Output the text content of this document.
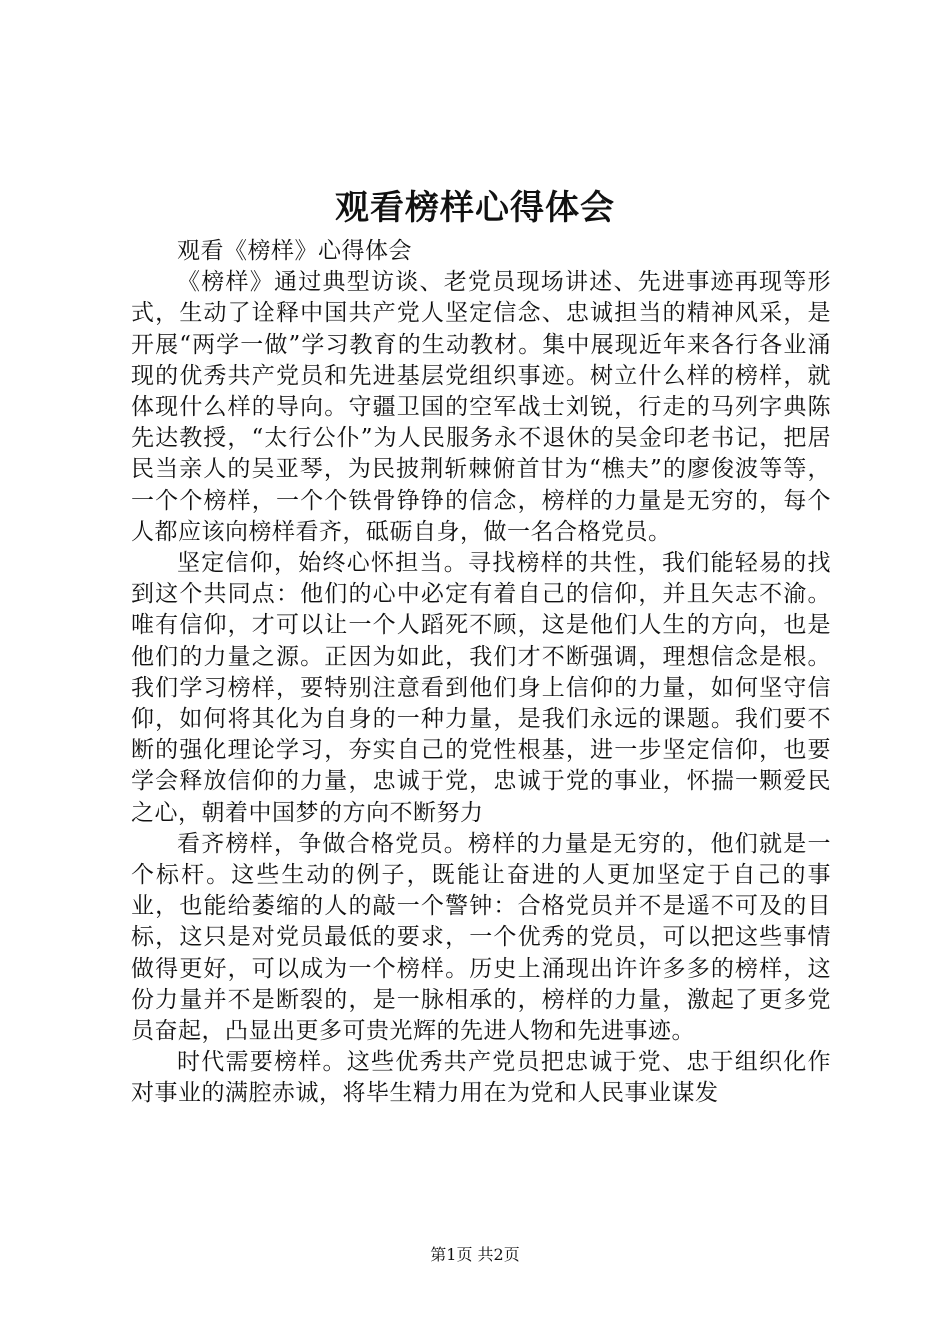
观看榜样心得体会

观看《榜样》心得体会

《榜样》通过典型访谈、老党员现场讲述、先进事迹再现等形式，生动了诠释中国共产党人坚定信念、忠诚担当的精神风采，是开展“两学一做”学习教育的生动教材。集中展现近年来各行各业涌现的优秀共产党员和先进基层党组织事迹。树立什么样的榜样，就体现什么样的导向。守疆卫国的空军战士刘锐，行走的马列字典陈先达教授，“太行公仆”为人民服务永不退休的吴金印老书记，把居民当亲人的吴亚琴，为民披荆斩棘俯首甘为“樵夫”的廖俊波等等，一个个榜样，一个个铁骨铮铮的信念，榜样的力量是无穷的，每个人都应该向榜样看齐，砥砺自身，做一名合格党员。

坚定信仰，始终心怀担当。寻找榜样的共性，我们能轻易的找到这个共同点：他们的心中必定有着自己的信仰，并且矢志不渝。唯有信仰，才可以让一个人蹈死不顾，这是他们人生的方向，也是他们的力量之源。正因为如此，我们才不断强调，理想信念是根。我们学习榜样，要特别注意看到他们身上信仰的力量，如何坚守信仰，如何将其化为自身的一种力量，是我们永远的课题。我们要不断的强化理论学习，夯实自己的党性根基，进一步坚定信仰，也要学会释放信仰的力量，忠诚于党，忠诚于党的事业，怀揣一颗爱民之心，朝着中国梦的方向不断努力

看齐榜样，争做合格党员。榜样的力量是无穷的，他们就是一个标杆。这些生动的例子，既能让奋进的人更加坚定于自己的事业，也能给萎缩的人的敲一个警钟：合格党员并不是遥不可及的目标，这只是对党员最低的要求，一个优秀的党员，可以把这些事情做得更好，可以成为一个榜样。历史上涌现出许许多多的榜样，这份力量并不是断裂的，是一脉相承的，榜样的力量，激起了更多党员奋起，凸显出更多可贵光辉的先进人物和先进事迹。

时代需要榜样。这些优秀共产党员把忠诚于党、忠于组织化作对事业的满腔赤诚，将毕生精力用在为党和人民事业谋发

第1页 共2页
